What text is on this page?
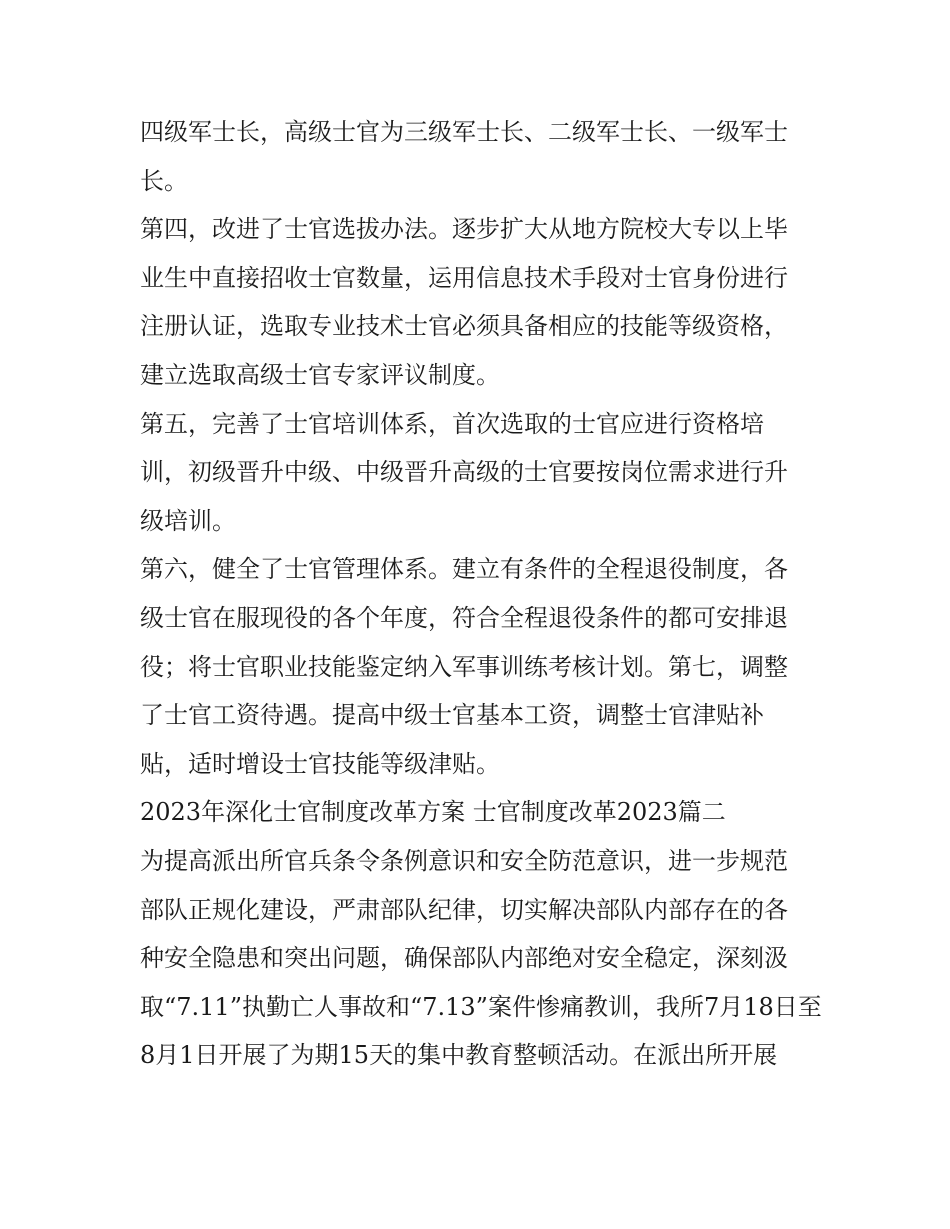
四级军士长，高级士官为三级军士长、二级军士长、一级军士

长。

第四，改进了士官选拔办法。逐步扩大从地方院校大专以上毕

业生中直接招收士官数量，运用信息技术手段对士官身份进行

注册认证，选取专业技术士官必须具备相应的技能等级资格，

建立选取高级士官专家评议制度。

第五，完善了士官培训体系，首次选取的士官应进行资格培

训，初级晋升中级、中级晋升高级的士官要按岗位需求进行升

级培训。

第六，健全了士官管理体系。建立有条件的全程退役制度，各

级士官在服现役的各个年度，符合全程退役条件的都可安排退

役；将士官职业技能鉴定纳入军事训练考核计划。第七，调整

了士官工资待遇。提高中级士官基本工资，调整士官津贴补

贴，适时增设士官技能等级津贴。

2023年深化士官制度改革方案 士官制度改革2023篇二

为提高派出所官兵条令条例意识和安全防范意识，进一步规范

部队正规化建设，严肃部队纪律，切实解决部队内部存在的各

种安全隐患和突出问题，确保部队内部绝对安全稳定，深刻汲

取“7.11”执勤亡人事故和“7.13”案件惨痛教训，我所7月18日至

8月1日开展了为期15天的集中教育整顿活动。在派出所开展
